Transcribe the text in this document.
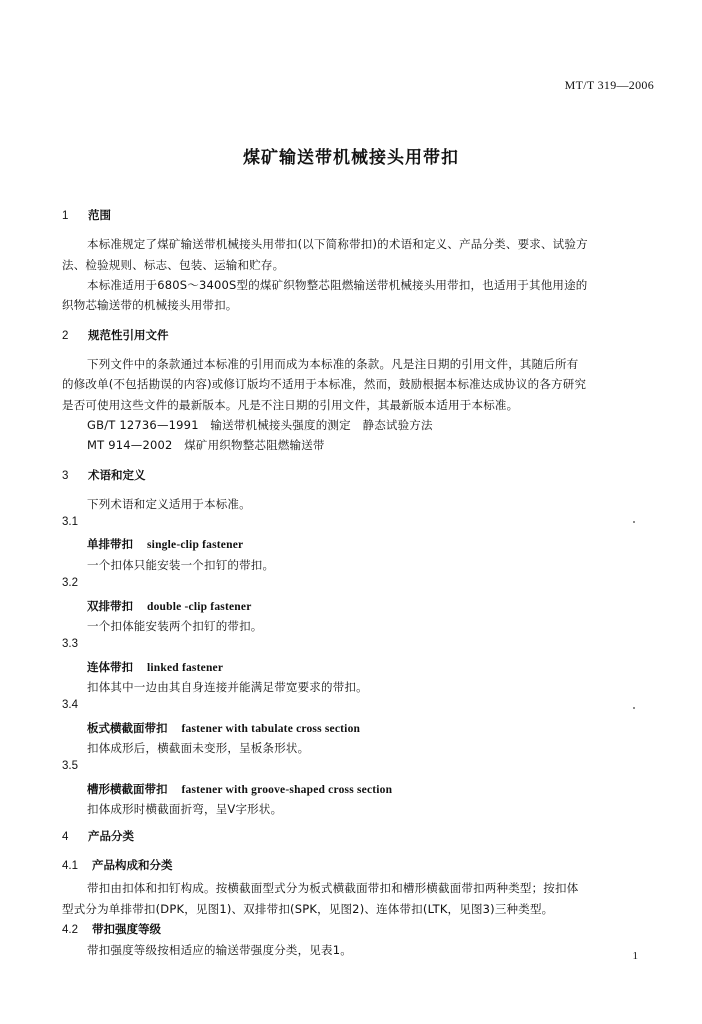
MT/T 319—2006
煤矿输送带机械接头用带扣
1 范围
本标准规定了煤矿输送带机械接头用带扣(以下简称带扣)的术语和定义、产品分类、要求、试验方
法、检验规则、标志、包装、运输和贮存。
本标准适用于680S～3400S型的煤矿织物整芯阻燃输送带机械接头用带扣，也适用于其他用途的
织物芯输送带的机械接头用带扣。
2 规范性引用文件
下列文件中的条款通过本标准的引用而成为本标准的条款。凡是注日期的引用文件，其随后所有
的修改单(不包括勘误的内容)或修订版均不适用于本标准，然而，鼓励根据本标准达成协议的各方研究
是否可使用这些文件的最新版本。凡是不注日期的引用文件，其最新版本适用于本标准。
GB/T 12736—1991　输送带机械接头强度的测定　静态试验方法
MT 914—2002　煤矿用织物整芯阻燃输送带
3 术语和定义
下列术语和定义适用于本标准。
3.1
单排带扣 single-clip fastener
一个扣体只能安装一个扣钉的带扣。
3.2
双排带扣 double -clip fastener
一个扣体能安装两个扣钉的带扣。
3.3
连体带扣 linked fastener
扣体其中一边由其自身连接并能满足带宽要求的带扣。
3.4
板式横截面带扣 fastener with tabulate cross section
扣体成形后，横截面未变形，呈板条形状。
3.5
槽形横截面带扣 fastener with groove-shaped cross section
扣体成形时横截面折弯，呈V字形状。
4 产品分类
4.1 产品构成和分类
带扣由扣体和扣钉构成。按横截面型式分为板式横截面带扣和槽形横截面带扣两种类型；按扣体
型式分为单排带扣(DPK，见图1)、双排带扣(SPK，见图2)、连体带扣(LTK，见图3)三种类型。
4.2 带扣强度等级
带扣强度等级按相适应的输送带强度分类，见表1。	1
